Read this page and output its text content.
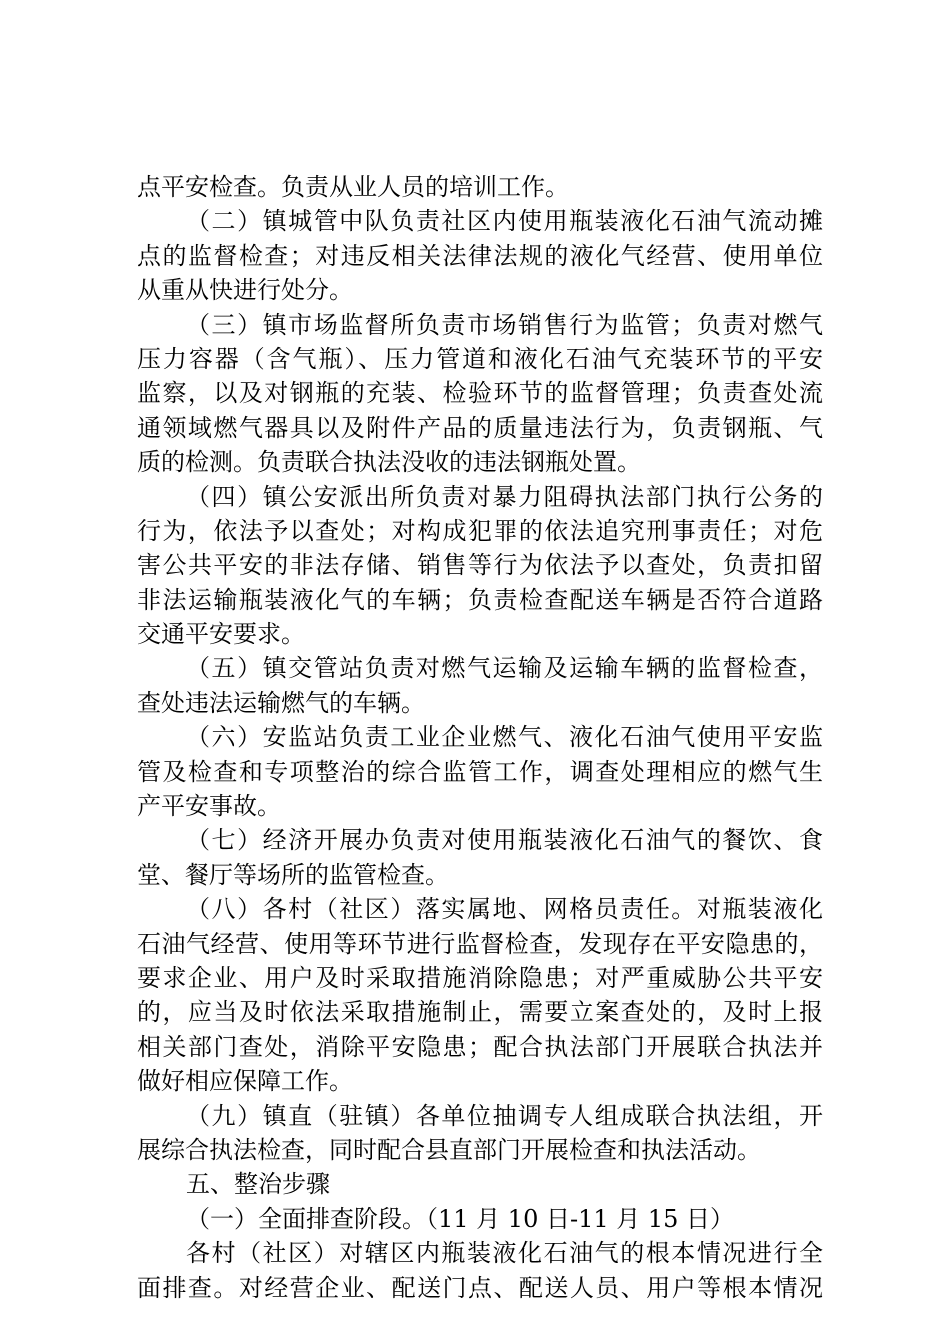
点平安检查。负责从业人员的培训工作。
（二）镇城管中队负责社区内使用瓶装液化石油气流动摊
点的监督检查；对违反相关法律法规的液化气经营、使用单位
从重从快进行处分。
（三）镇市场监督所负责市场销售行为监管；负责对燃气
压力容器（含气瓶）、压力管道和液化石油气充装环节的平安
监察，以及对钢瓶的充装、检验环节的监督管理；负责查处流
通领域燃气器具以及附件产品的质量违法行为，负责钢瓶、气
质的检测。负责联合执法没收的违法钢瓶处置。
（四）镇公安派出所负责对暴力阻碍执法部门执行公务的
行为，依法予以查处；对构成犯罪的依法追究刑事责任；对危
害公共平安的非法存储、销售等行为依法予以查处，负责扣留
非法运输瓶装液化气的车辆；负责检查配送车辆是否符合道路
交通平安要求。
（五）镇交管站负责对燃气运输及运输车辆的监督检查，
查处违法运输燃气的车辆。
（六）安监站负责工业企业燃气、液化石油气使用平安监
管及检查和专项整治的综合监管工作，调查处理相应的燃气生
产平安事故。
（七）经济开展办负责对使用瓶装液化石油气的餐饮、食
堂、餐厅等场所的监管检查。
（八）各村（社区）落实属地、网格员责任。对瓶装液化
石油气经营、使用等环节进行监督检查，发现存在平安隐患的，
要求企业、用户及时采取措施消除隐患；对严重威胁公共平安
的，应当及时依法采取措施制止，需要立案查处的，及时上报
相关部门查处，消除平安隐患；配合执法部门开展联合执法并
做好相应保障工作。
（九）镇直（驻镇）各单位抽调专人组成联合执法组，开
展综合执法检查，同时配合县直部门开展检查和执法活动。
五、整治步骤
（一）全面排查阶段。（11 月 10 日-11 月 15 日）
各村（社区）对辖区内瓶装液化石油气的根本情况进行全
面排查。对经营企业、配送门点、配送人员、用户等根本情况
